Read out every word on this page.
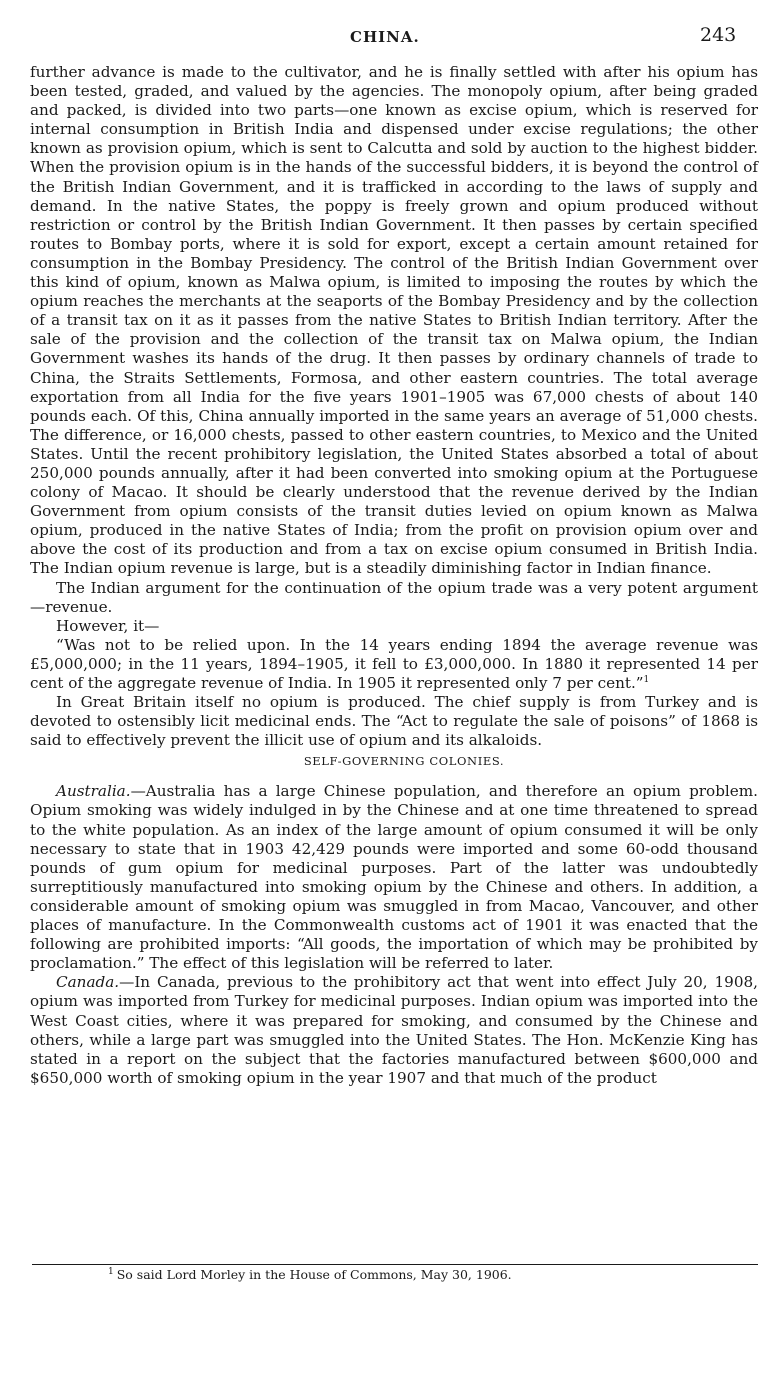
CHINA.	243

further advance is made to the cultivator, and he is finally settled with after his opium has been tested, graded, and valued by the agencies. The monopoly opium, after being graded and packed, is divided into two parts—one known as excise opium, which is reserved for internal consumption in British India and dispensed under excise regulations; the other known as provision opium, which is sent to Calcutta and sold by auction to the highest bidder. When the provision opium is in the hands of the successful bidders, it is beyond the control of the British Indian Government, and it is trafficked in according to the laws of supply and demand. In the native States, the poppy is freely grown and opium produced without restriction or control by the British Indian Government. It then passes by certain specified routes to Bombay ports, where it is sold for export, except a certain amount retained for consumption in the Bombay Presidency. The control of the British Indian Government over this kind of opium, known as Malwa opium, is limited to imposing the routes by which the opium reaches the merchants at the seaports of the Bombay Presidency and by the collection of a transit tax on it as it passes from the native States to British Indian territory. After the sale of the provision and the collection of the transit tax on Malwa opium, the Indian Government washes its hands of the drug. It then passes by ordinary channels of trade to China, the Straits Settlements, Formosa, and other eastern countries. The total average exportation from all India for the five years 1901–1905 was 67,000 chests of about 140 pounds each. Of this, China annually imported in the same years an average of 51,000 chests. The difference, or 16,000 chests, passed to other eastern countries, to Mexico and the United States. Until the recent prohibitory legislation, the United States absorbed a total of about 250,000 pounds annually, after it had been converted into smoking opium at the Portuguese colony of Macao. It should be clearly understood that the revenue derived by the Indian Government from opium consists of the transit duties levied on opium known as Malwa opium, produced in the native States of India; from the profit on provision opium over and above the cost of its production and from a tax on excise opium consumed in British India. The Indian opium revenue is large, but is a steadily diminishing factor in Indian finance.

The Indian argument for the continuation of the opium trade was a very potent argument—revenue.

However, it—

“Was not to be relied upon. In the 14 years ending 1894 the average revenue was £5,000,000; in the 11 years, 1894–1905, it fell to £3,000,000. In 1880 it represented 14 per cent of the aggregate revenue of India. In 1905 it represented only 7 per cent.”$^1$

In Great Britain itself no opium is produced. The chief supply is from Turkey and is devoted to ostensibly licit medicinal ends. The “Act to regulate the sale of poisons” of 1868 is said to effectively prevent the illicit use of opium and its alkaloids.

SELF-GOVERNING COLONIES.

Australia.—Australia has a large Chinese population, and therefore an opium problem. Opium smoking was widely indulged in by the Chinese and at one time threatened to spread to the white population. As an index of the large amount of opium consumed it will be only necessary to state that in 1903 42,429 pounds were imported and some 60-odd thousand pounds of gum opium for medicinal purposes. Part of the latter was undoubtedly surreptitiously manufactured into smoking opium by the Chinese and others. In addition, a considerable amount of smoking opium was smuggled in from Macao, Vancouver, and other places of manufacture. In the Commonwealth customs act of 1901 it was enacted that the following are prohibited imports: “All goods, the importation of which may be prohibited by proclamation.” The effect of this legislation will be referred to later.

Canada.—In Canada, previous to the prohibitory act that went into effect July 20, 1908, opium was imported from Turkey for medicinal purposes. Indian opium was imported into the West Coast cities, where it was prepared for smoking, and consumed by the Chinese and others, while a large part was smuggled into the United States. The Hon. McKenzie King has stated in a report on the subject that the factories manufactured between $600,000 and $650,000 worth of smoking opium in the year 1907 and that much of the product

$^1$ So said Lord Morley in the House of Commons, May 30, 1906.
